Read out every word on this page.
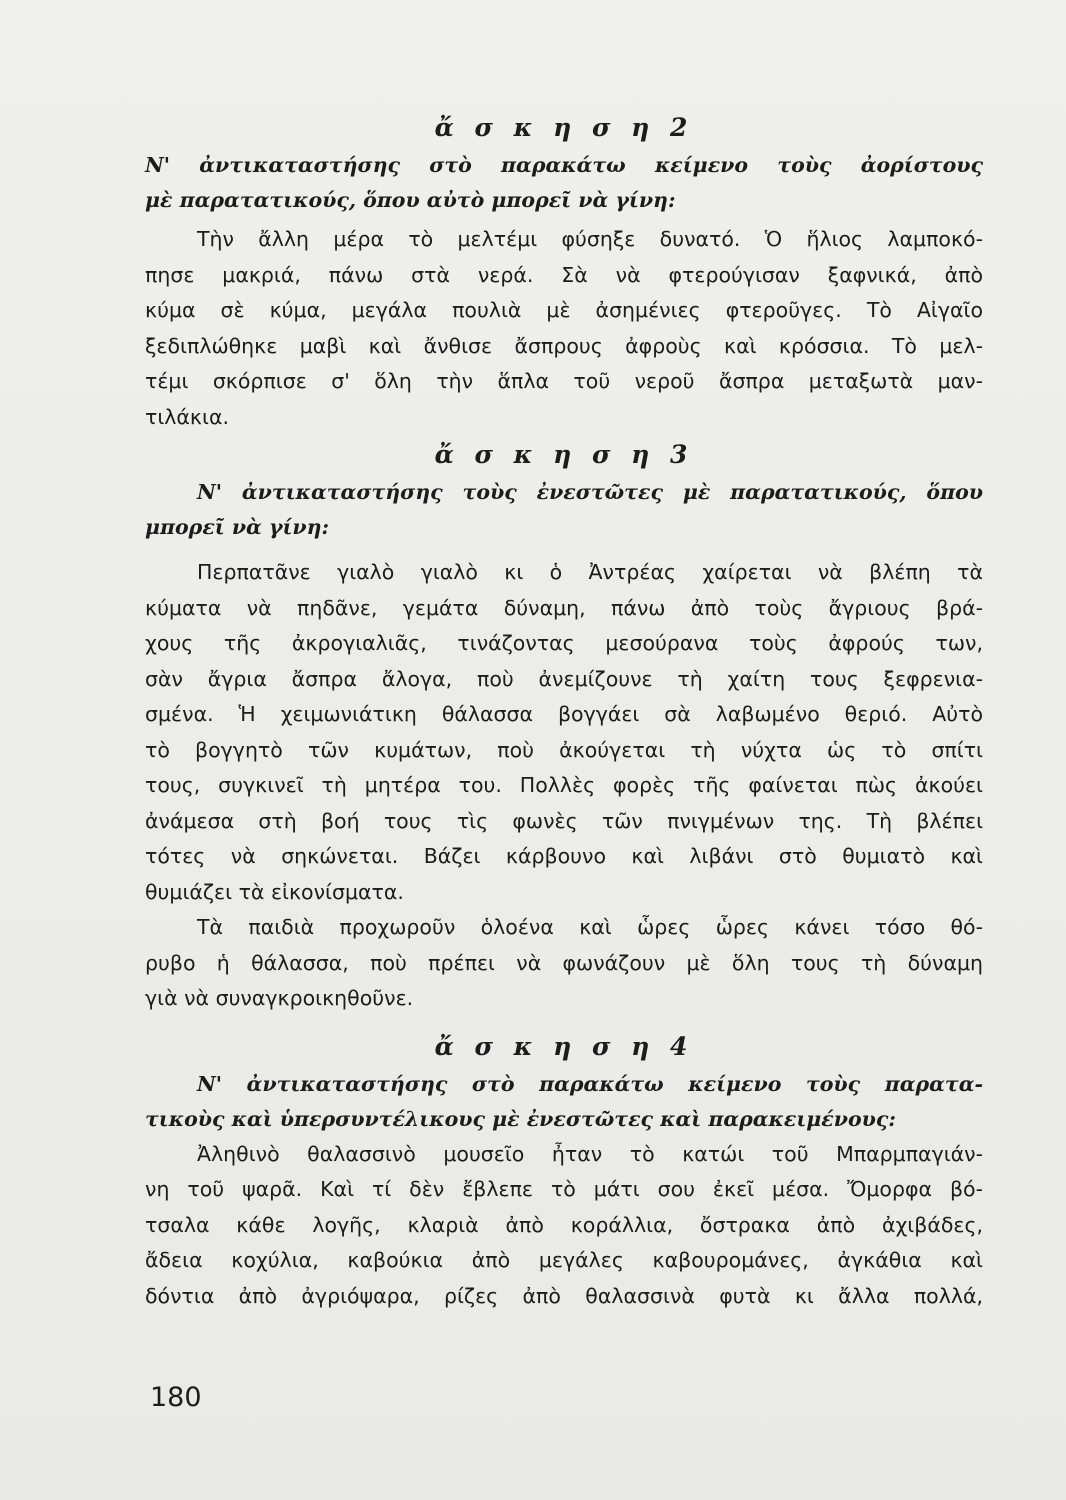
ἄ σ κ η σ η 2
Ν' ἀντικαταστήσης στὸ παρακάτω κείμενο τοὺς ἀορίστους
μὲ παρατατικούς, ὅπου αὐτὸ μπορεῖ νὰ γίνη:
Τὴν ἄλλη μέρα τὸ μελτέμι φύσηξε δυνατό. Ὁ ἥλιος λαμποκό-
πησε μακριά, πάνω στὰ νερά. Σὰ νὰ φτερούγισαν ξαφνικά, ἀπὸ
κύμα σὲ κύμα, μεγάλα πουλιὰ μὲ ἀσημένιες φτεροῦγες. Τὸ Αἰγαῖο
ξεδιπλώθηκε μαβὶ καὶ ἄνθισε ἄσπρους ἀφροὺς καὶ κρόσσια. Τὸ μελ-
τέμι σκόρπισε σ' ὅλη τὴν ἅπλα τοῦ νεροῦ ἄσπρα μεταξωτὰ μαν-
τιλάκια.
ἄ σ κ η σ η 3
Ν' ἀντικαταστήσης τοὺς ἐνεστῶτες μὲ παρατατικούς, ὅπου
μπορεῖ νὰ γίνη:
Περπατᾶνε γιαλὸ γιαλὸ κι ὁ Ἀντρέας χαίρεται νὰ βλέπη τὰ
κύματα νὰ πηδᾶνε, γεμάτα δύναμη, πάνω ἀπὸ τοὺς ἄγριους βρά-
χους τῆς ἀκρογιαλιᾶς, τινάζοντας μεσούρανα τοὺς ἀφρούς των,
σὰν ἄγρια ἄσπρα ἄλογα, ποὺ ἀνεμίζουνε τὴ χαίτη τους ξεφρενια-
σμένα. Ἡ χειμωνιάτικη θάλασσα βογγάει σὰ λαβωμένο θεριό. Αὐτὸ
τὸ βογγητὸ τῶν κυμάτων, ποὺ ἀκούγεται τὴ νύχτα ὡς τὸ σπίτι
τους, συγκινεῖ τὴ μητέρα του. Πολλὲς φορὲς τῆς φαίνεται πὼς ἀκούει
ἀνάμεσα στὴ βοή τους τὶς φωνὲς τῶν πνιγμένων της. Τὴ βλέπει
τότες νὰ σηκώνεται. Βάζει κάρβουνο καὶ λιβάνι στὸ θυμιατὸ καὶ
θυμιάζει τὰ εἰκονίσματα.
Τὰ παιδιὰ προχωροῦν ὁλοένα καὶ ὧρες ὧρες κάνει τόσο θό-
ρυβο ἡ θάλασσα, ποὺ πρέπει νὰ φωνάζουν μὲ ὅλη τους τὴ δύναμη
γιὰ νὰ συναγκροικηθοῦνε.
ἄ σ κ η σ η 4
Ν' ἀντικαταστήσης στὸ παρακάτω κείμενο τοὺς παρατα-
τικοὺς καὶ ὑπερσυντέλικους μὲ ἐνεστῶτες καὶ παρακειμένους:
Ἀληθινὸ θαλασσινὸ μουσεῖο ἦταν τὸ κατώι τοῦ Μπαρμπαγιάν-
νη τοῦ ψαρᾶ. Καὶ τί δὲν ἔβλεπε τὸ μάτι σου ἐκεῖ μέσα. Ὄμορφα βό-
τσαλα κάθε λογῆς, κλαριὰ ἀπὸ κοράλλια, ὄστρακα ἀπὸ ἀχιβάδες,
ἄδεια κοχύλια, καβούκια ἀπὸ μεγάλες καβουρομάνες, ἀγκάθια καὶ
δόντια ἀπὸ ἀγριόψαρα, ρίζες ἀπὸ θαλασσινὰ φυτὰ κι ἄλλα πολλά,
180
